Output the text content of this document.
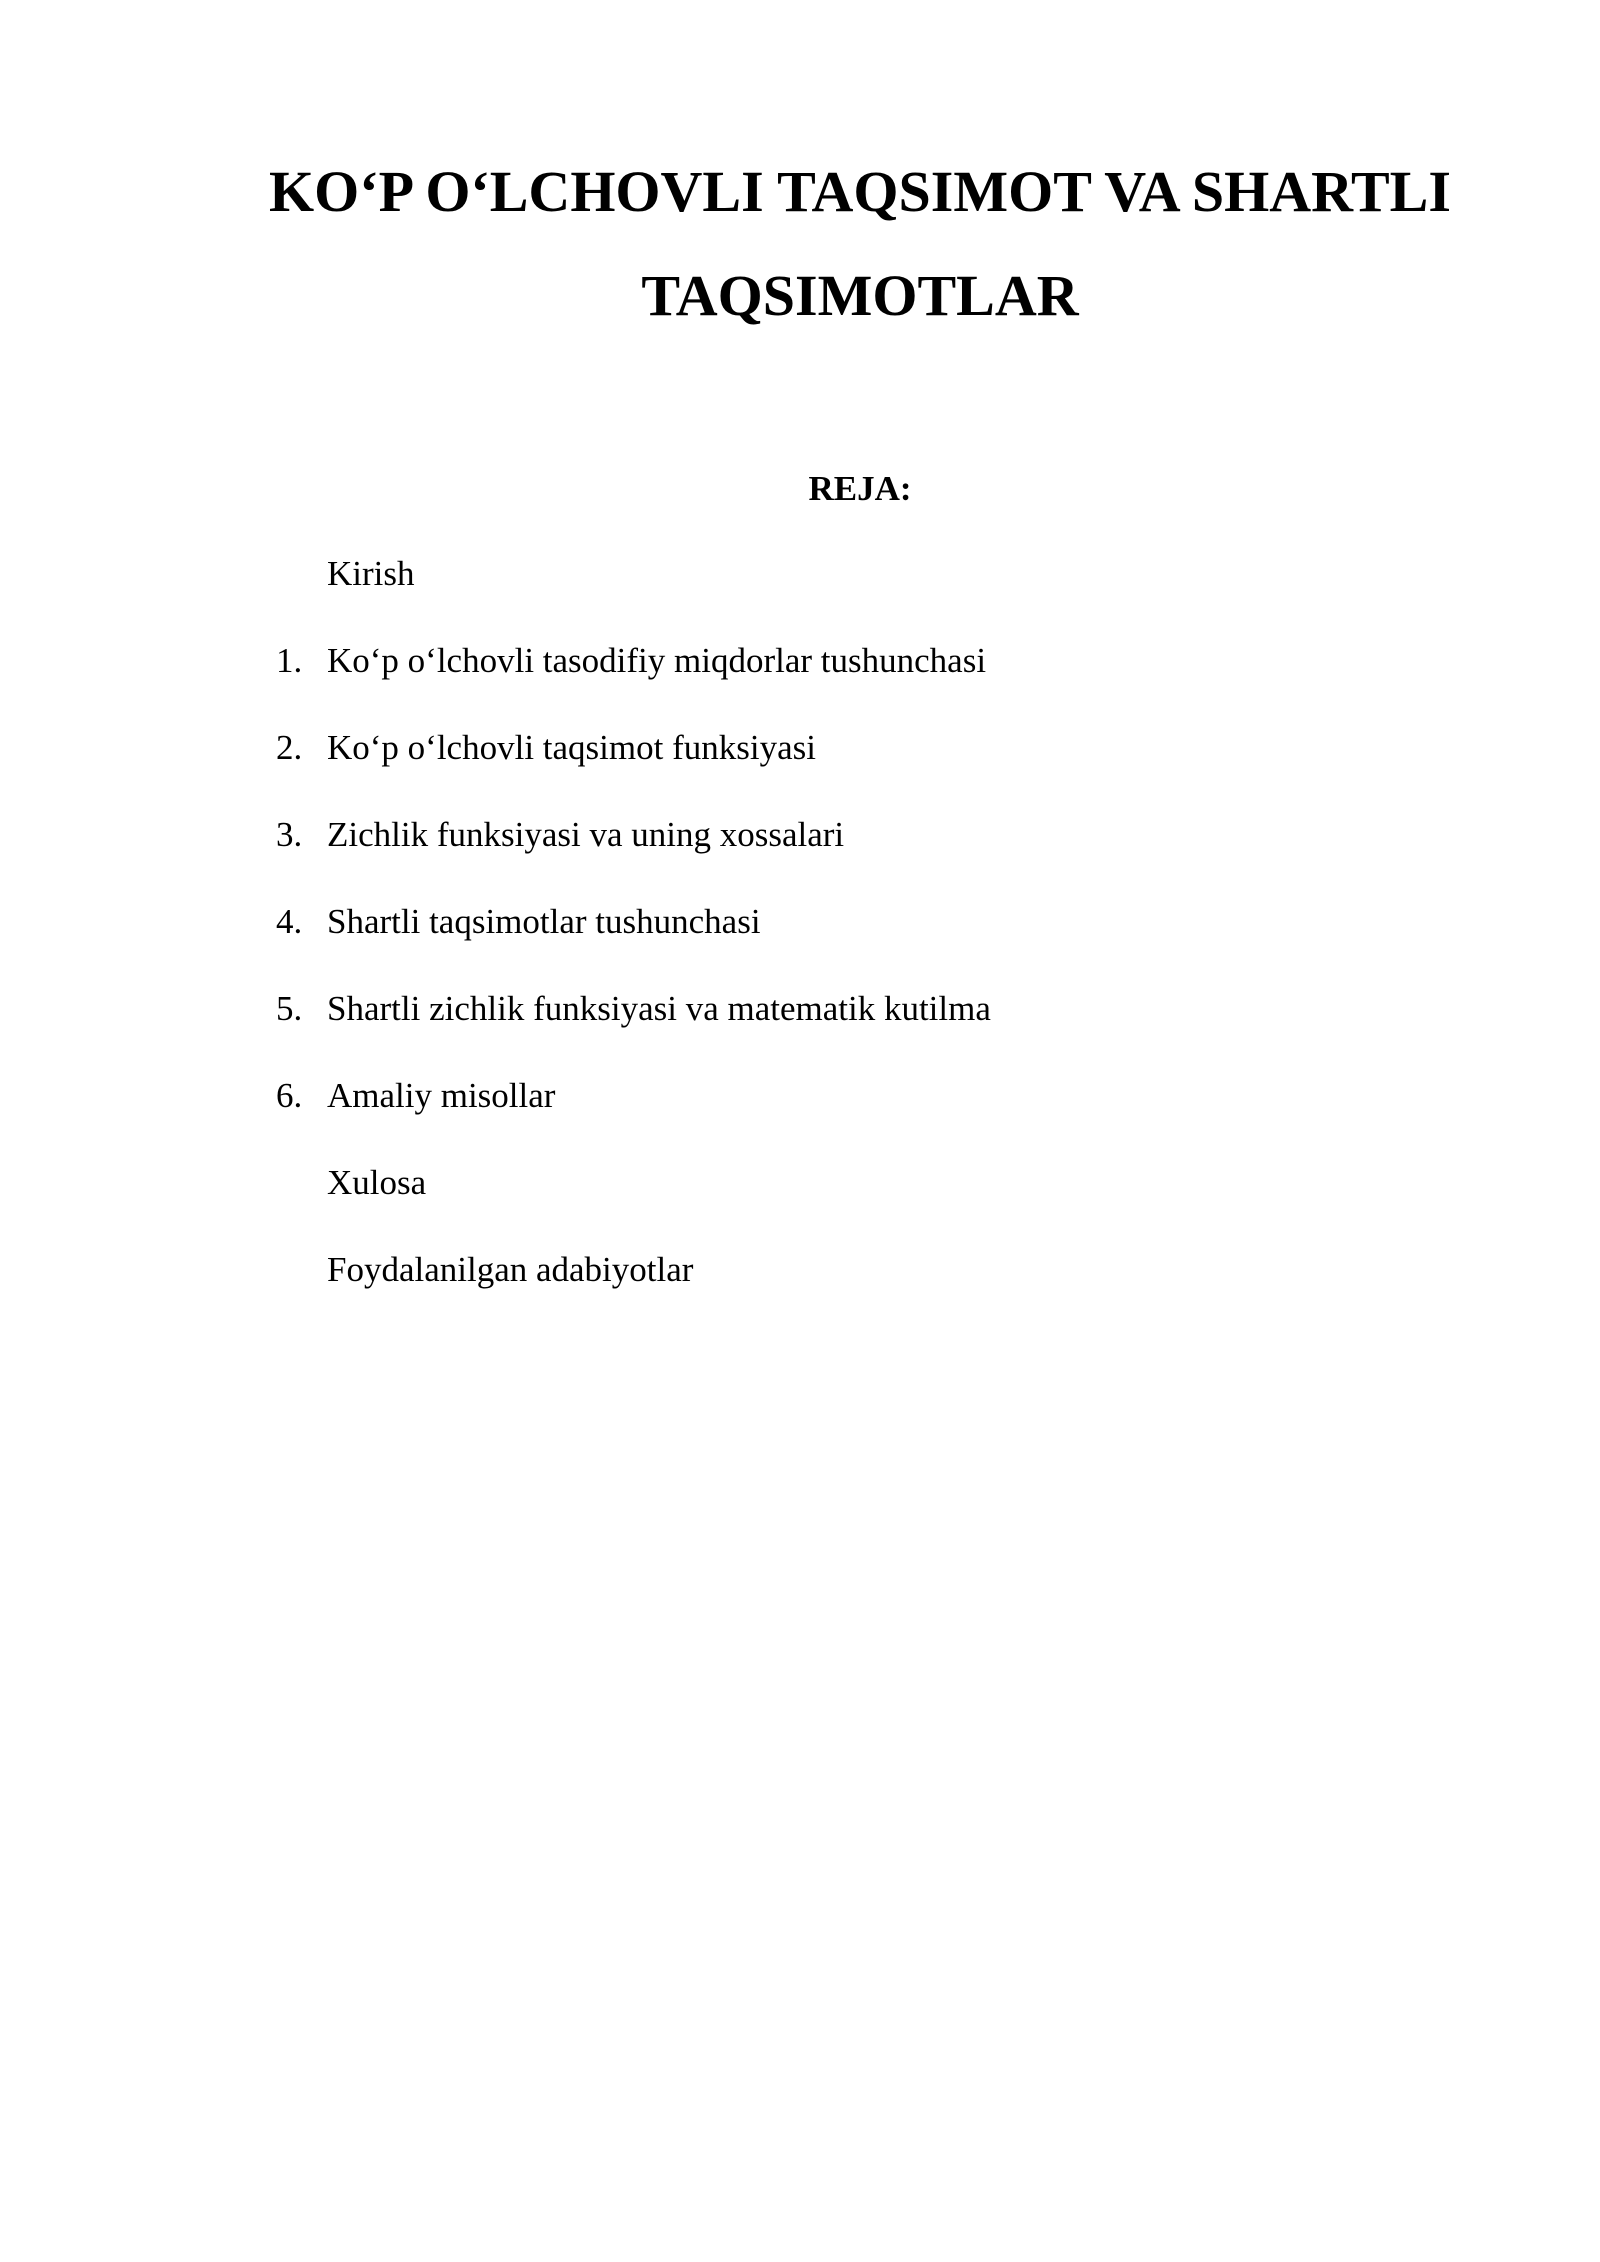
KO‘P O‘LCHOVLI TAQSIMOT VA SHARTLI
TAQSIMOTLAR
REJA:
Kirish
1. Ko‘p o‘lchovli tasodifiy miqdorlar tushunchasi
2. Ko‘p o‘lchovli taqsimot funksiyasi
3. Zichlik funksiyasi va uning xossalari
4. Shartli taqsimotlar tushunchasi
5. Shartli zichlik funksiyasi va matematik kutilma
6. Amaliy misollar
Xulosa
Foydalanilgan adabiyotlar
